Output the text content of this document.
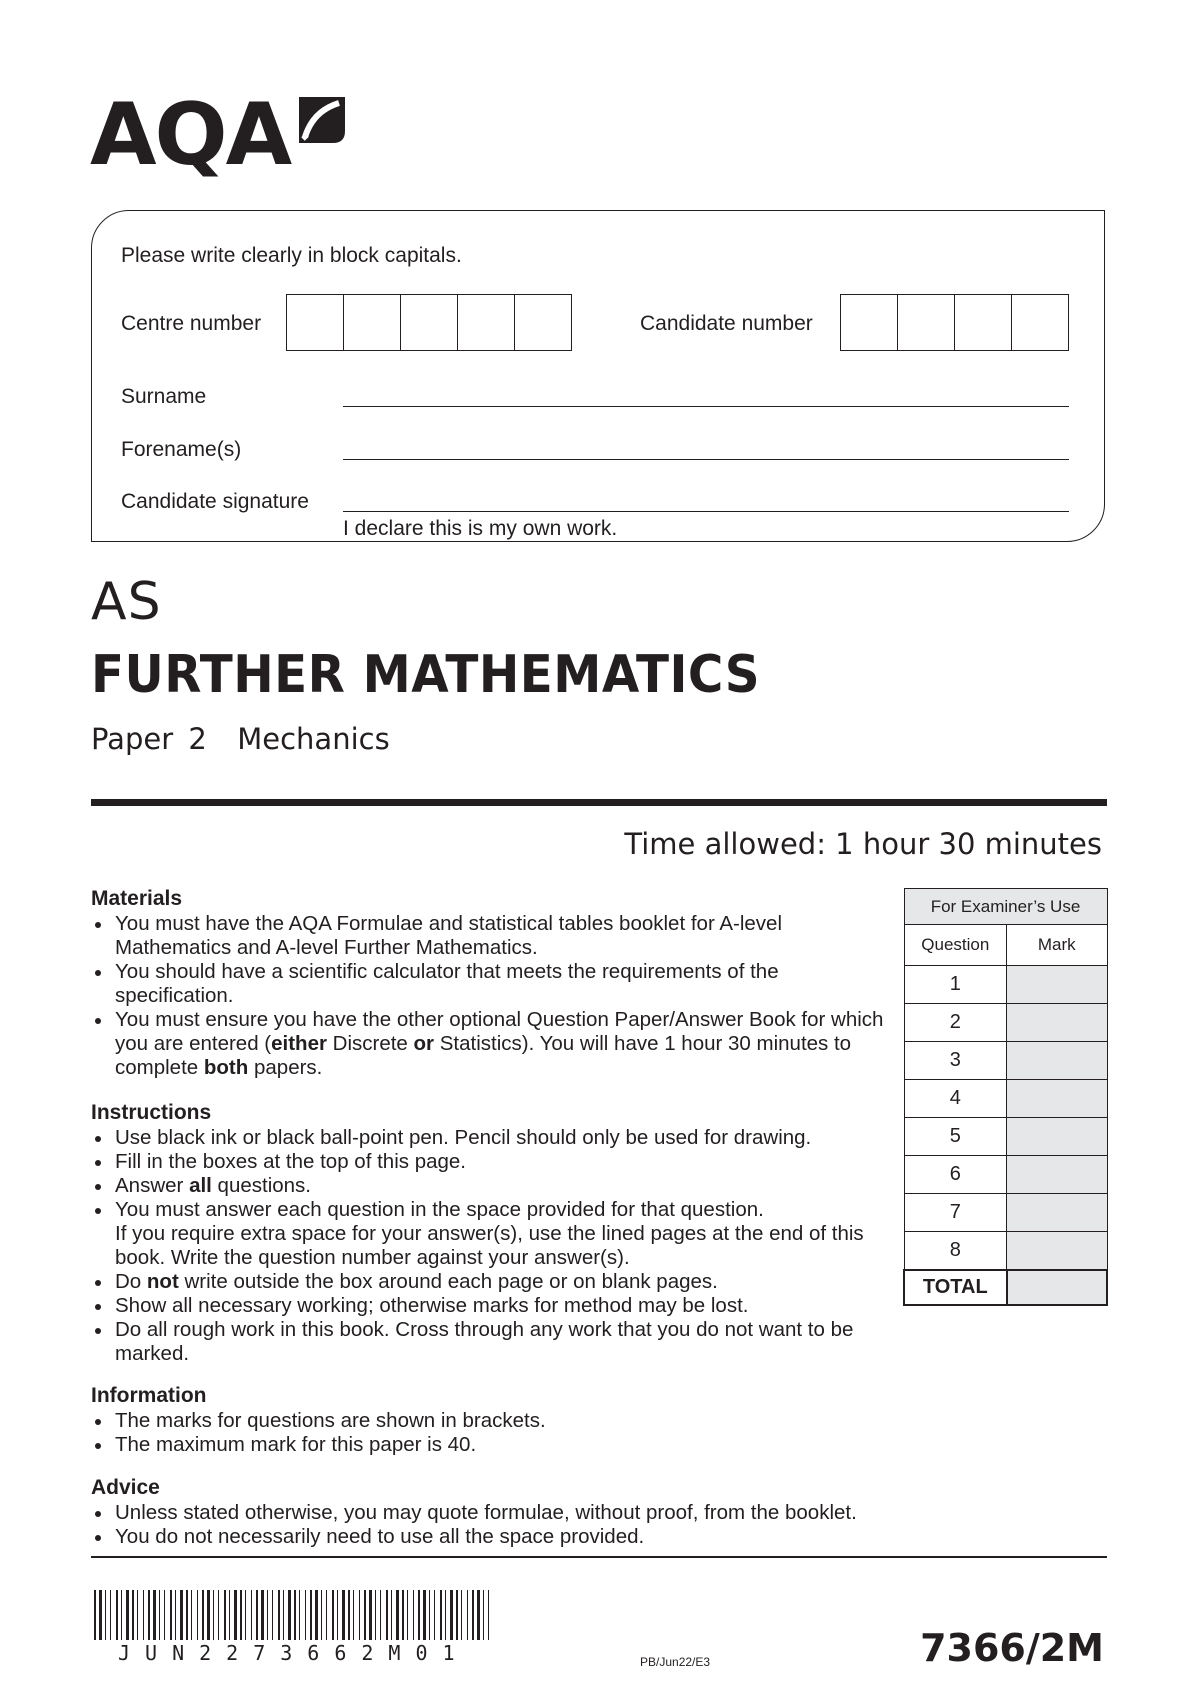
AQA
Please write clearly in block capitals.
Centre number	Candidate number
Surname
Forename(s)
Candidate signature
I declare this is my own work.
AS
FURTHER MATHEMATICS
Paper 2  Mechanics
Time allowed: 1 hour 30 minutes

Materials

You must have the AQA Formulae and statistical tables booklet for A-level Mathematics and A-level Further Mathematics.
You should have a scientific calculator that meets the requirements of the specification.
You must ensure you have the other optional Question Paper/Answer Book for which you are entered (either Discrete or Statistics). You will have 1 hour 30 minutes to complete both papers.

Instructions

Use black ink or black ball-point pen. Pencil should only be used for drawing.
Fill in the boxes at the top of this page.
Answer all questions.
You must answer each question in the space provided for that question.
If you require extra space for your answer(s), use the lined pages at the end of this book. Write the question number against your answer(s).
Do not write outside the box around each page or on blank pages.
Show all necessary working; otherwise marks for method may be lost.
Do all rough work in this book. Cross through any work that you do not want to be marked.

Information

The marks for questions are shown in brackets.
The maximum mark for this paper is 40.

Advice

Unless stated otherwise, you may quote formulae, without proof, from the booklet.
You do not necessarily need to use all the space provided.
For Examiner’s Use	
Question	Mark
1	
2	
3	
4	
5	
6	
7	
8	
TOTAL	
JUN2273662M01	PB/Jun22/E3	7366/2M
